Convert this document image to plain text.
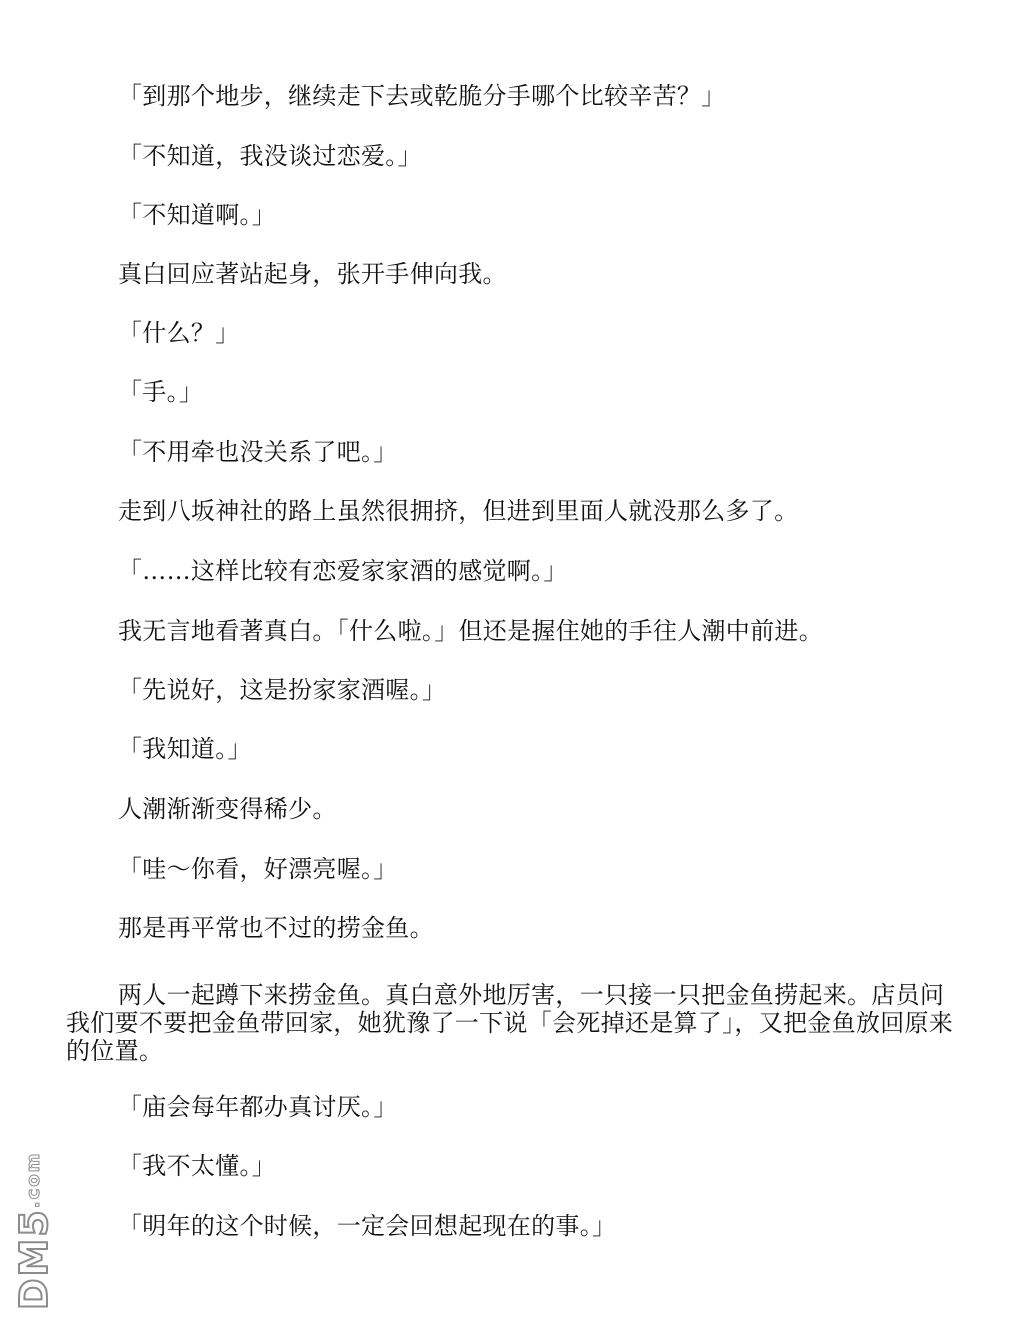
「到那个地步，继续走下去或乾脆分手哪个比较辛苦？」

「不知道，我没谈过恋爱。」

「不知道啊。」

真白回应著站起身，张开手伸向我。

「什么？」

「手。」

「不用牵也没关系了吧。」

走到八坂神社的路上虽然很拥挤，但进到里面人就没那么多了。

「……这样比较有恋爱家家酒的感觉啊。」

我无言地看著真白。「什么啦。」但还是握住她的手往人潮中前进。

「先说好，这是扮家家酒喔。」

「我知道。」

人潮渐渐变得稀少。

「哇～你看，好漂亮喔。」

那是再平常也不过的捞金鱼。

两人一起蹲下来捞金鱼。真白意外地厉害，一只接一只把金鱼捞起来。店员问我们要不要把金鱼带回家，她犹豫了一下说「会死掉还是算了」，又把金鱼放回原来的位置。

「庙会每年都办真讨厌。」

「我不太懂。」

「明年的这个时候，一定会回想起现在的事。」

DM5.com
